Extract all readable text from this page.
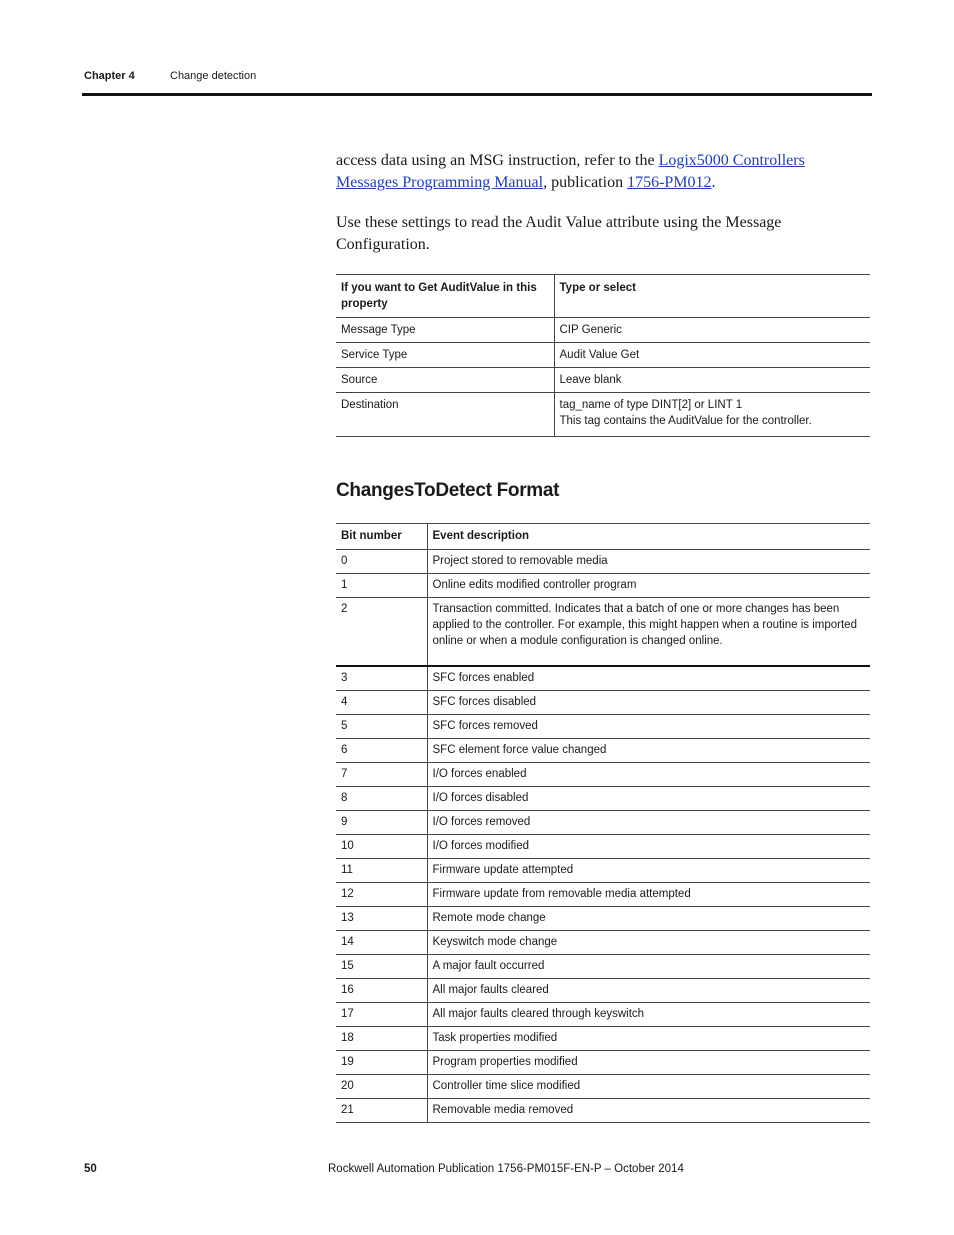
Chapter 4	Change detection
access data using an MSG instruction, refer to the Logix5000 Controllers Messages Programming Manual, publication 1756-PM012.
Use these settings to read the Audit Value attribute using the Message Configuration.
If you want to Get AuditValue in this property	Type or select
Message Type	CIP Generic
Service Type	Audit Value Get
Source	Leave blank
Destination	tag_name of type DINT[2] or LINT 1
This tag contains the AuditValue for the controller.
ChangesToDetect Format
Bit number	Event description
0	Project stored to removable media
1	Online edits modified controller program
2	Transaction committed. Indicates that a batch of one or more changes has been applied to the controller. For example, this might happen when a routine is imported online or when a module configuration is changed online.
3	SFC forces enabled
4	SFC forces disabled
5	SFC forces removed
6	SFC element force value changed
7	I/O forces enabled
8	I/O forces disabled
9	I/O forces removed
10	I/O forces modified
11	Firmware update attempted
12	Firmware update from removable media attempted
13	Remote mode change
14	Keyswitch mode change
15	A major fault occurred
16	All major faults cleared
17	All major faults cleared through keyswitch
18	Task properties modified
19	Program properties modified
20	Controller time slice modified
21	Removable media removed
50	Rockwell Automation Publication 1756-PM015F-EN-P – October 2014
